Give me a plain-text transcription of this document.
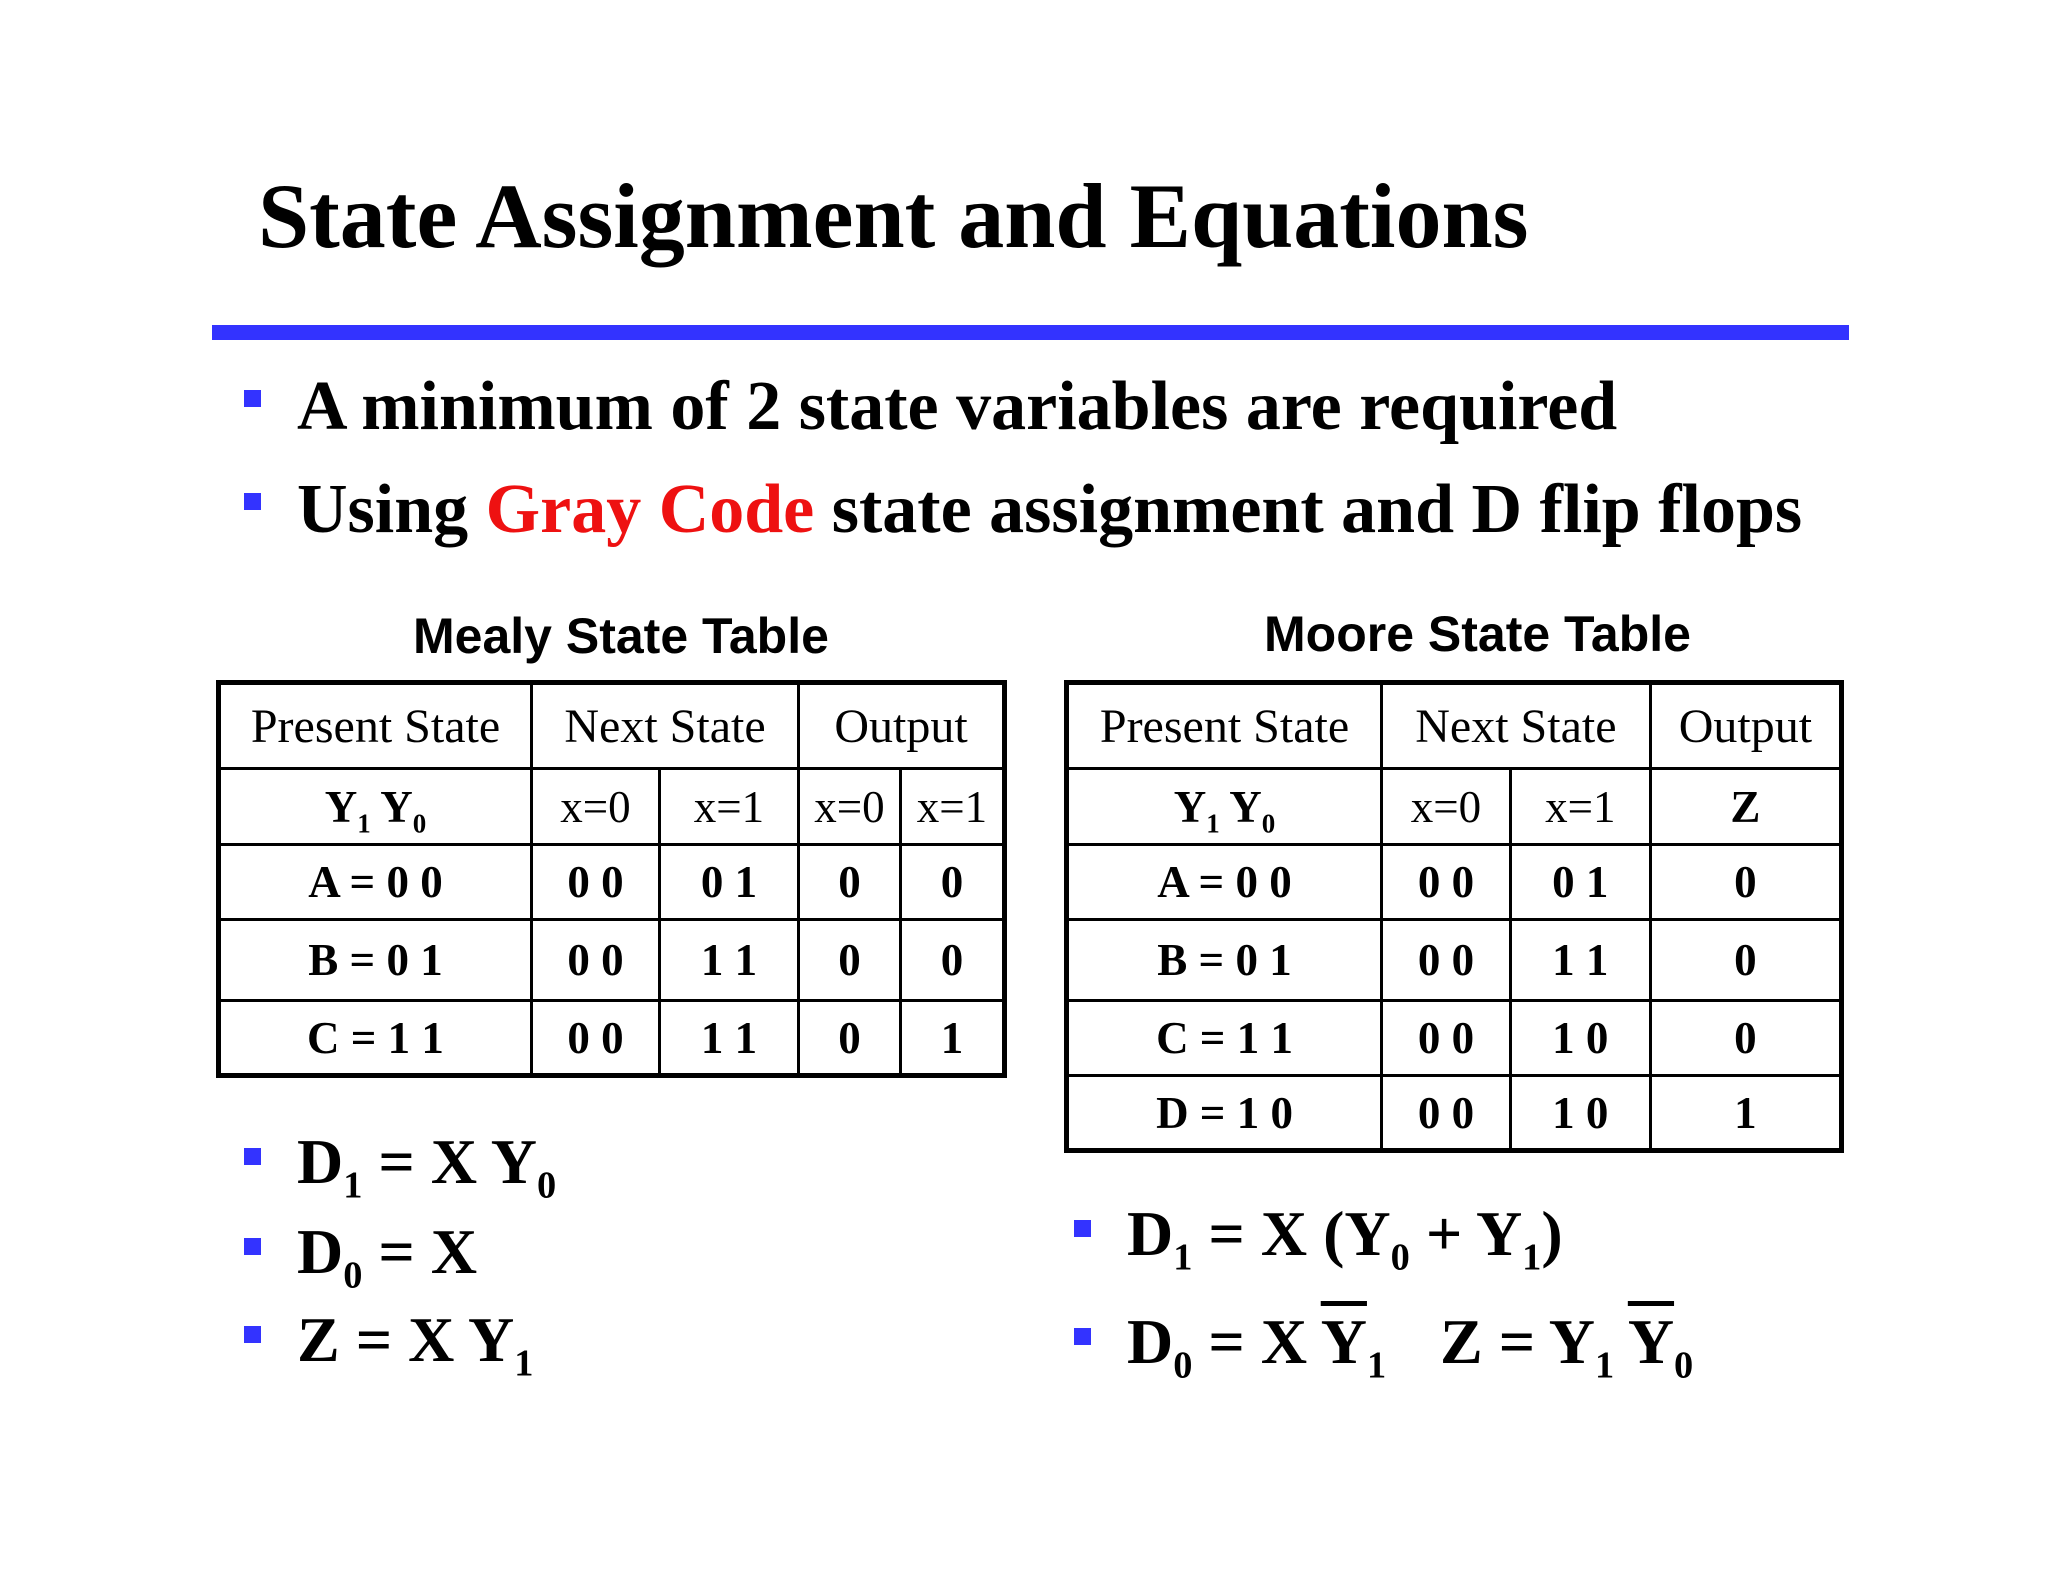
State Assignment and Equations
A minimum of 2 state variables are required
Using Gray Code state assignment and D flip flops
Mealy State Table
Present State	Next State		Output	
$Y_1$ $Y_0$	x=0	x=1	x=0	x=1
A = 0 0	0 0	0 1	0	0
B = 0 1	0 0	1 1	0	0
C = 1 1	0 0	1 1	0	1
Moore State Table
Present State	Next State		Output
$Y_1$ $Y_0$	x=0	x=1	Z
A = 0 0	0 0	0 1	0
B = 0 1	0 0	1 1	0
C = 1 1	0 0	1 0	0
D = 1 0	0 0	1 0	1
$D_1 = X$ $Y_0$
$D_0 = X$
Z = X $Y_1$
$D_1 = X$ $(Y_0 + Y_1)$
$D_0 = X$ $\overline{Y}_1$ $Z = Y_1$ $\overline{Y}_0$
